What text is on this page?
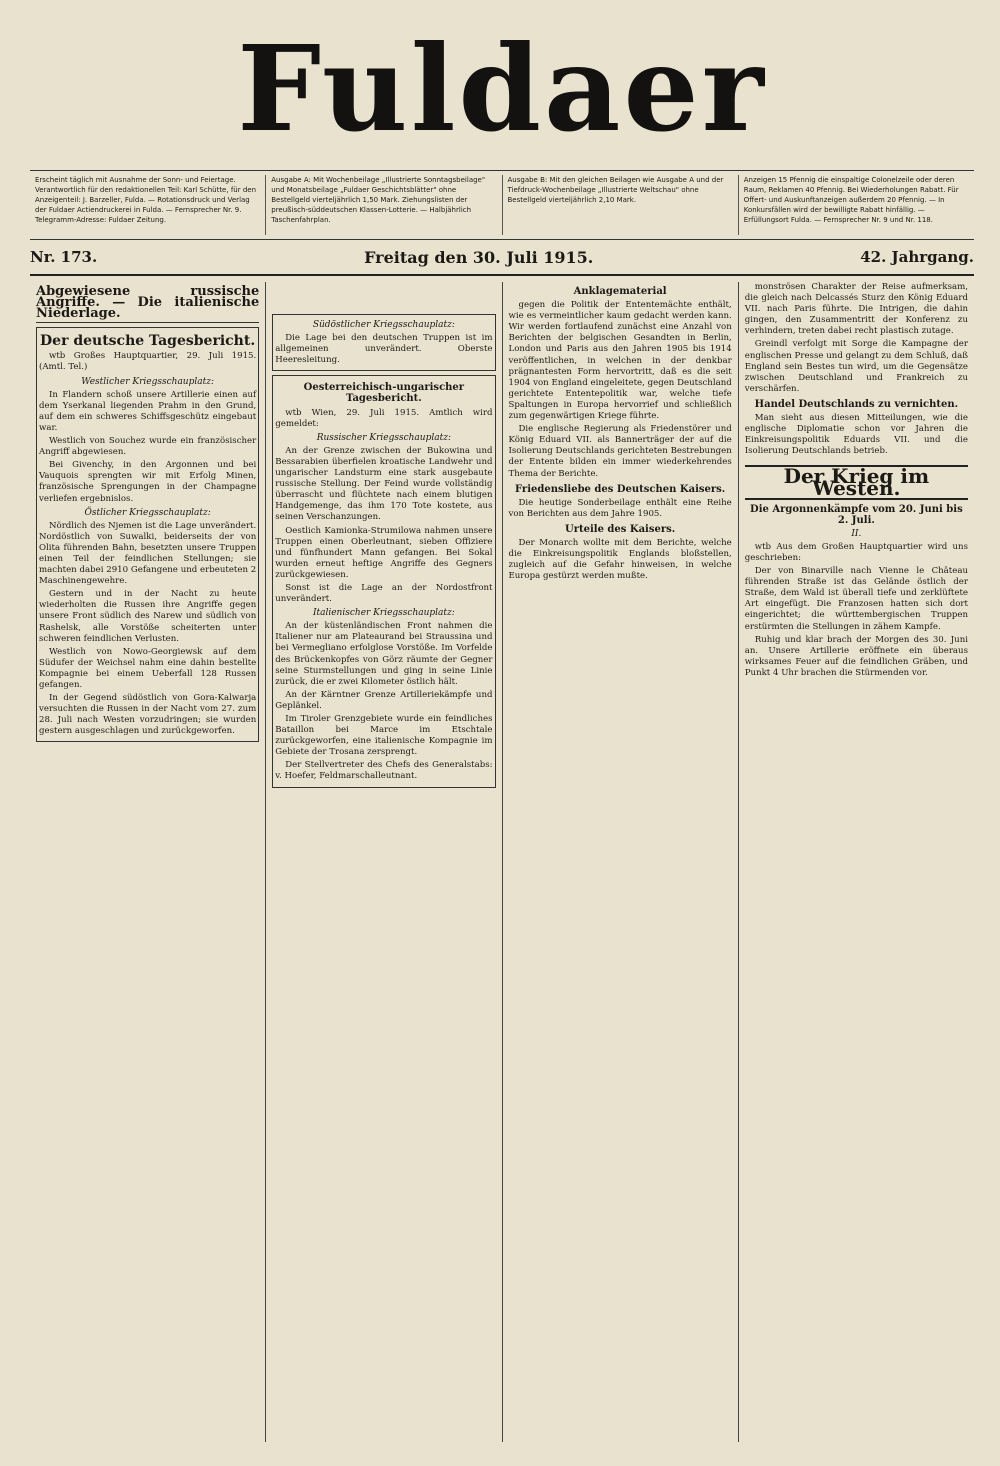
Fuldaer
Erscheint täglich mit Ausnahme der Sonn- und Feiertage. Verantwortlich für den redaktionellen Teil: Karl Schütte, für den Anzeigenteil: J. Barzeller, Fulda. — Rotationsdruck und Verlag der Fuldaer Actiendruckerei in Fulda. — Fernsprecher Nr. 9. Telegramm-Adresse: Fuldaer Zeitung.
Ausgabe A: Mit Wochenbeilage „Illustrierte Sonntagsbeilage" und Monatsbeilage „Fuldaer Geschichtsblätter" ohne Bestellgeld vierteljährlich 1,50 Mark. Ziehungslisten der preußisch-süddeutschen Klassen-Lotterie. — Halbjährlich Taschenfahrplan.
Ausgabe B: Mit den gleichen Beilagen wie Ausgabe A und der Tiefdruck-Wochenbeilage „Illustrierte Weltschau" ohne Bestellgeld vierteljährlich 2,10 Mark.
Anzeigen 15 Pfennig die einspaltige Colonelzeile oder deren Raum, Reklamen 40 Pfennig. Bei Wiederholungen Rabatt. Für Offert- und Auskunftanzeigen außerdem 20 Pfennig. — In Konkursfällen wird der bewilligte Rabatt hinfällig. — Erfüllungsort Fulda. — Fernsprecher Nr. 9 und Nr. 118.
Nr. 173.	Freitag den 30. Juli 1915.	42. Jahrgang.
Abgewiesene russische Angriffe. — Die italienische Niederlage.
Der deutsche Tagesbericht.

wtb Großes Hauptquartier, 29. Juli 1915. (Amtl. Tel.)

Westlicher Kriegsschauplatz:

In Flandern schoß unsere Artillerie einen auf dem Yserkanal liegenden Prahm in den Grund, auf dem ein schweres Schiffsgeschütz eingebaut war.

Westlich von Souchez wurde ein französischer Angriff abgewiesen.

Bei Givenchy, in den Argonnen und bei Vauquois sprengten wir mit Erfolg Minen, französische Sprengungen in der Champagne verliefen ergebnislos.

Östlicher Kriegsschauplatz:

Nördlich des Njemen ist die Lage unverändert. Nordöstlich von Suwalki, beiderseits der von Olita führenden Bahn, besetzten unsere Truppen einen Teil der feindlichen Stellungen; sie machten dabei 2910 Gefangene und erbeuteten 2 Maschinengewehre.

Gestern und in der Nacht zu heute wiederholten die Russen ihre Angriffe gegen unsere Front südlich des Narew und südlich von Rashelsk, alle Vorstöße scheiterten unter schweren feindlichen Verlusten.

Westlich von Nowo-Georgiewsk auf dem Südufer der Weichsel nahm eine dahin bestellte Kompagnie bei einem Ueberfall 128 Russen gefangen.

In der Gegend südöstlich von Gora-Kalwarja versuchten die Russen in der Nacht vom 27. zum 28. Juli nach Westen vorzudringen; sie wurden gestern ausgeschlagen und zurückgeworfen.

Südöstlicher Kriegsschauplatz:

Die Lage bei den deutschen Truppen ist im allgemeinen unverändert. Oberste Heeresleitung.

Oesterreichisch-ungarischer Tagesbericht.

wtb Wien, 29. Juli 1915. Amtlich wird gemeldet:

Russischer Kriegsschauplatz:

An der Grenze zwischen der Bukowina und Bessarabien überfielen kroatische Landwehr und ungarischer Landsturm eine stark ausgebaute russische Stellung. Der Feind wurde vollständig überrascht und flüchtete nach einem blutigen Handgemenge, das ihm 170 Tote kostete, aus seinen Verschanzungen.

Oestlich Kamionka-Strumilowa nahmen unsere Truppen einen Oberleutnant, sieben Offiziere und fünfhundert Mann gefangen. Bei Sokal wurden erneut heftige Angriffe des Gegners zurückgewiesen.

Sonst ist die Lage an der Nordostfront unverändert.

Italienischer Kriegsschauplatz:

An der küstenländischen Front nahmen die Italiener nur am Plateaurand bei Straussina und bei Vermegliano erfolglose Vorstöße. Im Vorfelde des Brückenkopfes von Görz räumte der Gegner seine Sturmstellungen und ging in seine Linie zurück, die er zwei Kilometer östlich hält.

An der Kärntner Grenze Artilleriekämpfe und Geplänkel.

Im Tiroler Grenzgebiete wurde ein feindliches Bataillon bei Marce im Etschtale zurückgeworfen, eine italienische Kompagnie im Gebiete der Trosana zersprengt.

Der Stellvertreter des Chefs des Generalstabs: v. Hoefer, Feldmarschalleutnant.

Anklagematerial

gegen die Politik der Ententemächte enthält, wie es vermeintlicher kaum gedacht werden kann. Wir werden fortlaufend zunächst eine Anzahl von Berichten der belgischen Gesandten in Berlin, London und Paris aus den Jahren 1905 bis 1914 veröffentlichen, in welchen in der denkbar prägnantesten Form hervortritt, daß es die seit 1904 von England eingeleitete, gegen Deutschland gerichtete Ententepolitik war, welche tiefe Spaltungen in Europa hervorrief und schließlich zum gegenwärtigen Kriege führte.

Die englische Regierung als Friedenstörer und König Eduard VII. als Bannerträger der auf die Isolierung Deutschlands gerichteten Bestrebungen der Entente bilden ein immer wiederkehrendes Thema der Berichte.

Friedensliebe des Deutschen Kaisers.

Die heutige Sonderbeilage enthält eine Reihe von Berichten aus dem Jahre 1905.

Urteile des Kaisers.

Der Monarch wollte mit dem Berichte, welche die Einkreisungspolitik Englands bloßstellen, zugleich auf die Gefahr hinweisen, in welche Europa gestürzt werden mußte.

monströsen Charakter der Reise aufmerksam, die gleich nach Delcassés Sturz den König Eduard VII. nach Paris führte. Die Intrigen, die dahin gingen, den Zusammentritt der Konferenz zu verhindern, treten dabei recht plastisch zutage.

Greindl verfolgt mit Sorge die Kampagne der englischen Presse und gelangt zu dem Schluß, daß England sein Bestes tun wird, um die Gegensätze zwischen Deutschland und Frankreich zu verschärfen.

Handel Deutschlands zu vernichten.

Man sieht aus diesen Mitteilungen, wie die englische Diplomatie schon vor Jahren die Einkreisungspolitik Eduards VII. und die Isolierung Deutschlands betrieb.

Der Krieg im Westen.
Die Argonnenkämpfe vom 20. Juni bis 2. Juli.
II.

wtb Aus dem Großen Hauptquartier wird uns geschrieben:

Der von Binarville nach Vienne le Château führenden Straße ist das Gelände östlich der Straße, dem Wald ist überall tiefe und zerklüftete Art eingefügt. Die Franzosen hatten sich dort eingerichtet; die württembergischen Truppen erstürmten die Stellungen in zähem Kampfe.

Ruhig und klar brach der Morgen des 30. Juni an. Unsere Artillerie eröffnete ein überaus wirksames Feuer auf die feindlichen Gräben, und Punkt 4 Uhr brachen die Stürmenden vor.
